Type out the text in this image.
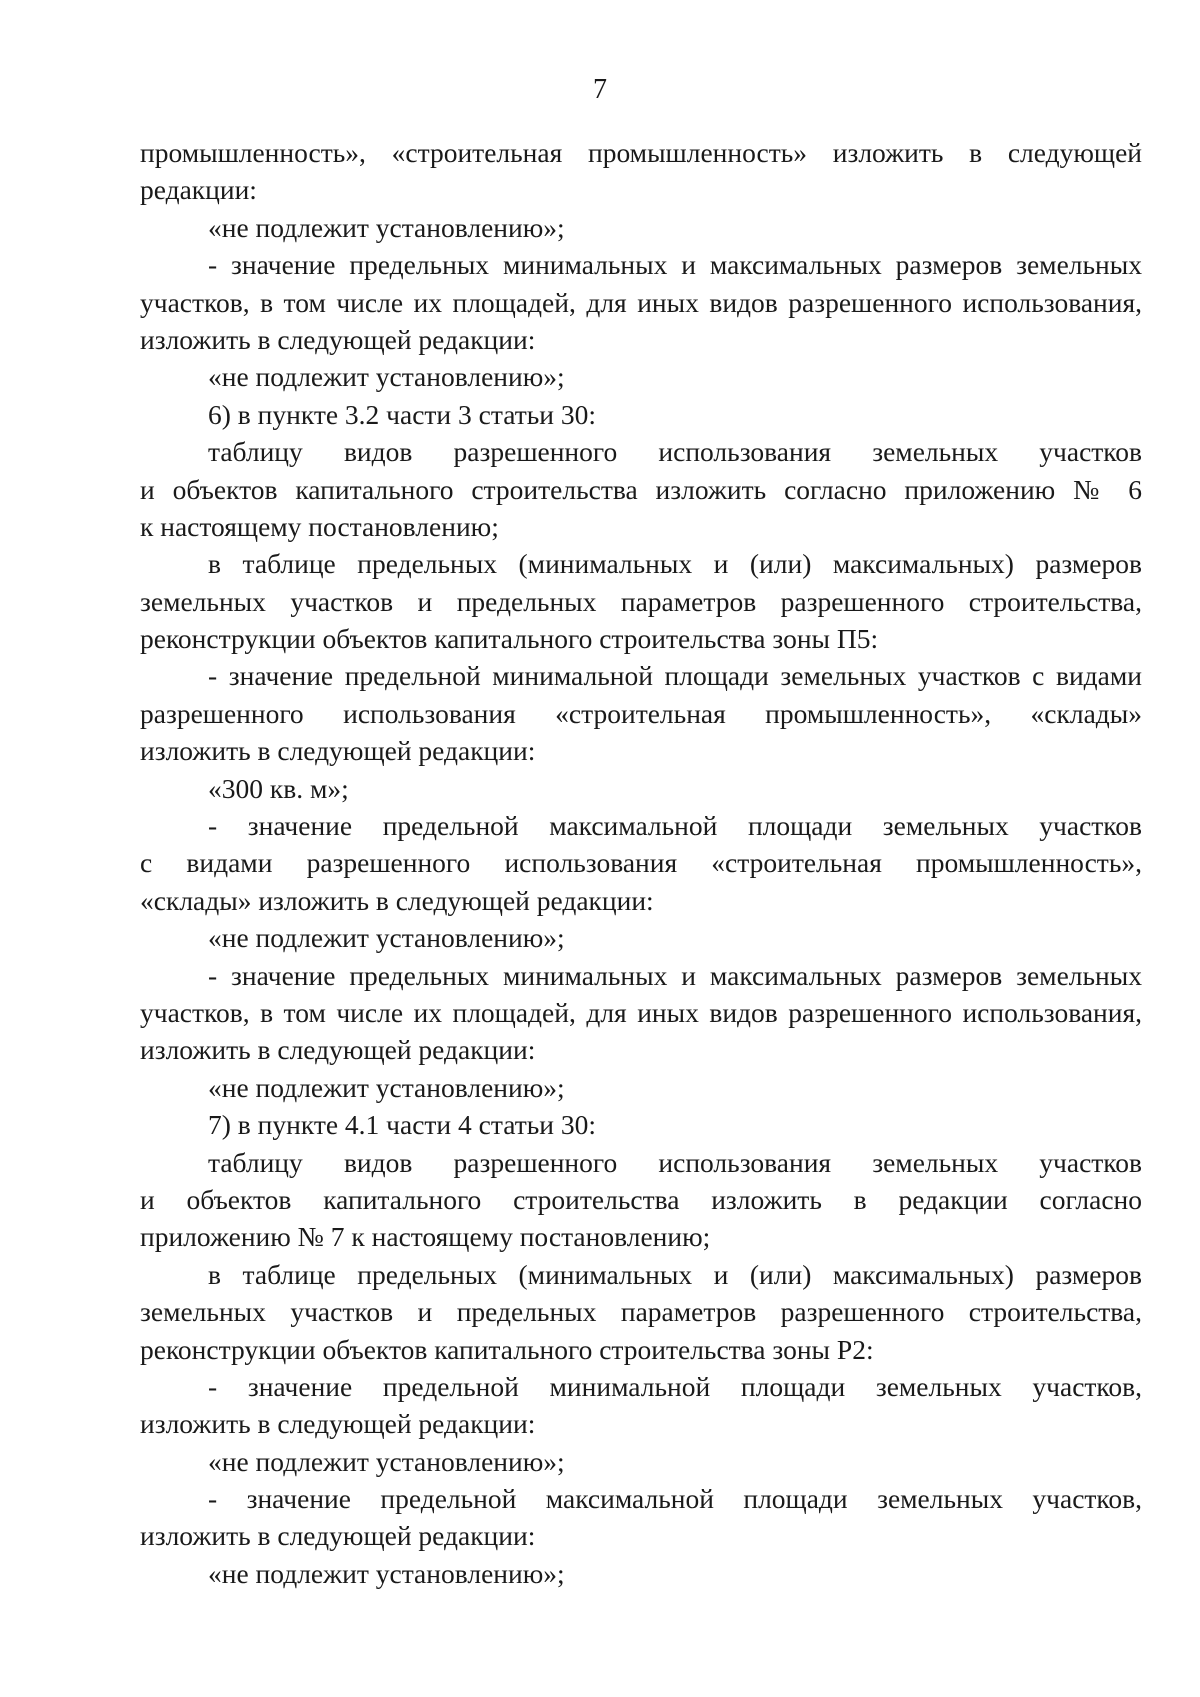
7
промышленность», «строительная промышленность» изложить в следующей
редакции:
«не подлежит установлению»;
- значение предельных минимальных и максимальных размеров земельных
участков, в том числе их площадей, для иных видов разрешенного использования,
изложить в следующей редакции:
«не подлежит установлению»;
6) в пункте 3.2 части 3 статьи 30:
таблицу видов разрешенного использования земельных участков
и объектов капитального строительства изложить согласно приложению № 6
к настоящему постановлению;
в таблице предельных (минимальных и (или) максимальных) размеров
земельных участков и предельных параметров разрешенного строительства,
реконструкции объектов капитального строительства зоны П5:
- значение предельной минимальной площади земельных участков с видами
разрешенного использования «строительная промышленность», «склады»
изложить в следующей редакции:
«300 кв. м»;
- значение предельной максимальной площади земельных участков
с видами разрешенного использования «строительная промышленность»,
«склады» изложить в следующей редакции:
«не подлежит установлению»;
- значение предельных минимальных и максимальных размеров земельных
участков, в том числе их площадей, для иных видов разрешенного использования,
изложить в следующей редакции:
«не подлежит установлению»;
7) в пункте 4.1 части 4 статьи 30:
таблицу видов разрешенного использования земельных участков
и объектов капитального строительства изложить в редакции согласно
приложению № 7 к настоящему постановлению;
в таблице предельных (минимальных и (или) максимальных) размеров
земельных участков и предельных параметров разрешенного строительства,
реконструкции объектов капитального строительства зоны Р2:
- значение предельной минимальной площади земельных участков,
изложить в следующей редакции:
«не подлежит установлению»;
- значение предельной максимальной площади земельных участков,
изложить в следующей редакции:
«не подлежит установлению»;
